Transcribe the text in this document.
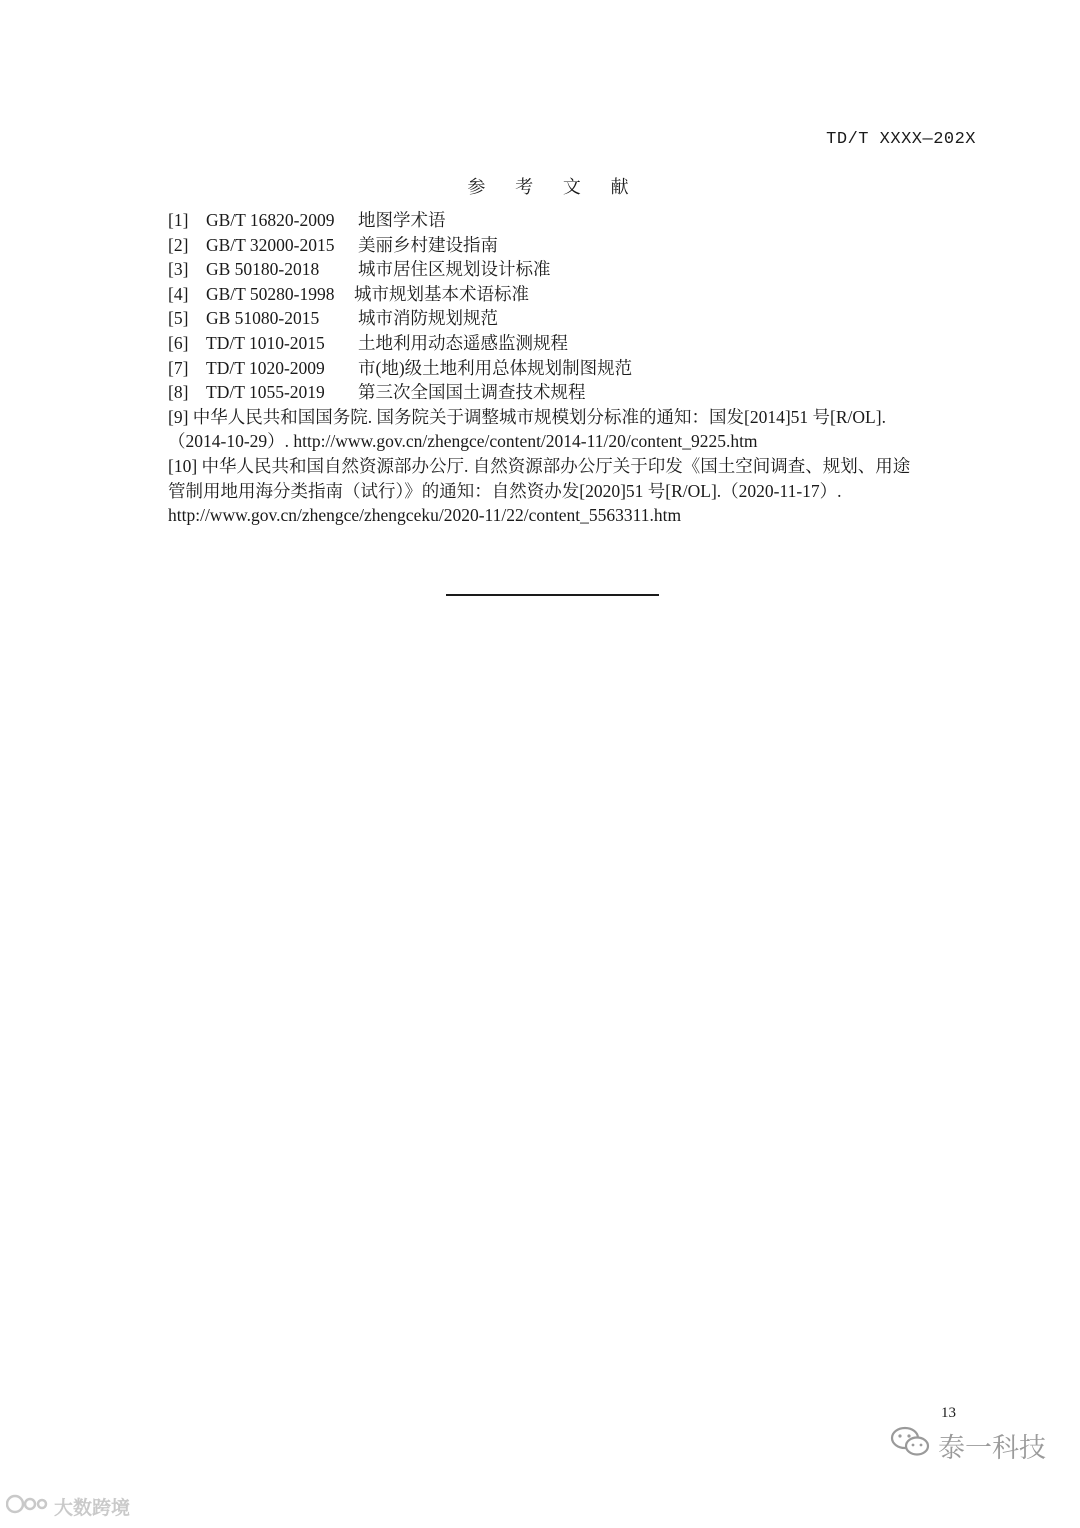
TD/T XXXX—202X
参 考 文 献
[1]	GB/T 16820-2009	地图学术语
[2]	GB/T 32000-2015	美丽乡村建设指南
[3]	GB 50180-2018	城市居住区规划设计标准
[4]	GB/T 50280-1998	城市规划基本术语标准
[5]	GB 51080-2015	城市消防规划规范
[6]	TD/T 1010-2015	土地利用动态遥感监测规程
[7]	TD/T 1020-2009	市(地)级土地利用总体规划制图规范
[8]	TD/T 1055-2019	第三次全国国土调查技术规程
[9] 中华人民共和国国务院. 国务院关于调整城市规模划分标准的通知：国发[2014]51 号[R/OL].
（2014-10-29）. http://www.gov.cn/zhengce/content/2014-11/20/content_9225.htm
[10] 中华人民共和国自然资源部办公厅. 自然资源部办公厅关于印发《国土空间调查、规划、用途
管制用地用海分类指南（试行）》的通知：自然资办发[2020]51 号[R/OL].（2020-11-17）.
http://www.gov.cn/zhengce/zhengceku/2020-11/22/content_5563311.htm
13
大数跨境
泰一科技
